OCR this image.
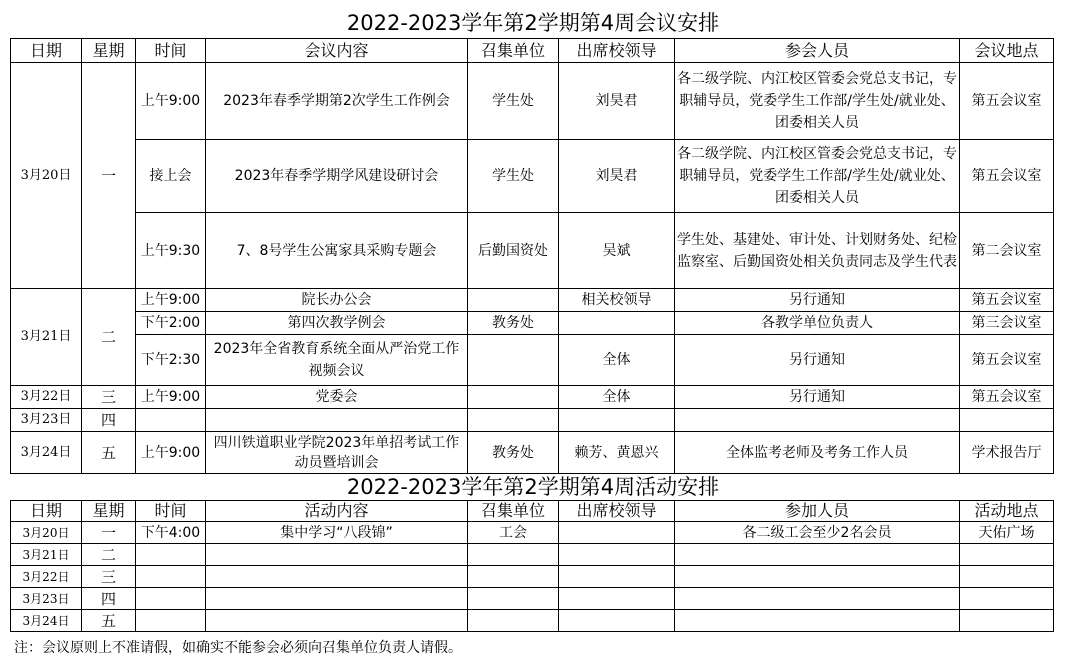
2022-2023学年第2学期第4周会议安排
日期	星期	时间	会议内容	召集单位	出席校领导	参会人员	会议地点
3月20日	一	上午9:00	2023年春季学期第2次学生工作例会	学生处	刘昊君	各二级学院、内江校区管委会党总支书记，专职辅导员，党委学生工作部/学生处/就业处、团委相关人员	第五会议室
		接上会	2023年春季学期学风建设研讨会	学生处	刘昊君	各二级学院、内江校区管委会党总支书记，专职辅导员，党委学生工作部/学生处/就业处、团委相关人员	第五会议室
		上午9:30	7、8号学生公寓家具采购专题会	后勤国资处	吴斌	学生处、基建处、审计处、计划财务处、纪检监察室、后勤国资处相关负责同志及学生代表	第二会议室
3月21日	二	上午9:00	院长办公会		相关校领导	另行通知	第五会议室
		下午2:00	第四次教学例会	教务处		各教学单位负责人	第三会议室
		下午2:30	2023年全省教育系统全面从严治党工作视频会议		全体	另行通知	第五会议室
3月22日	三	上午9:00	党委会		全体	另行通知	第五会议室
3月23日	四						
3月24日	五	上午9:00	四川铁道职业学院2023年单招考试工作动员暨培训会	教务处	赖芳、黄恩兴	全体监考老师及考务工作人员	学术报告厅
2022-2023学年第2学期第4周活动安排
日期	星期	时间	活动内容	召集单位	出席校领导	参加人员	活动地点
3月20日	一	下午4:00	集中学习“八段锦”	工会		各二级工会至少2名会员	天佑广场
3月21日	二						
3月22日	三						
3月23日	四						
3月24日	五						
注：会议原则上不准请假，如确实不能参会必须向召集单位负责人请假。
